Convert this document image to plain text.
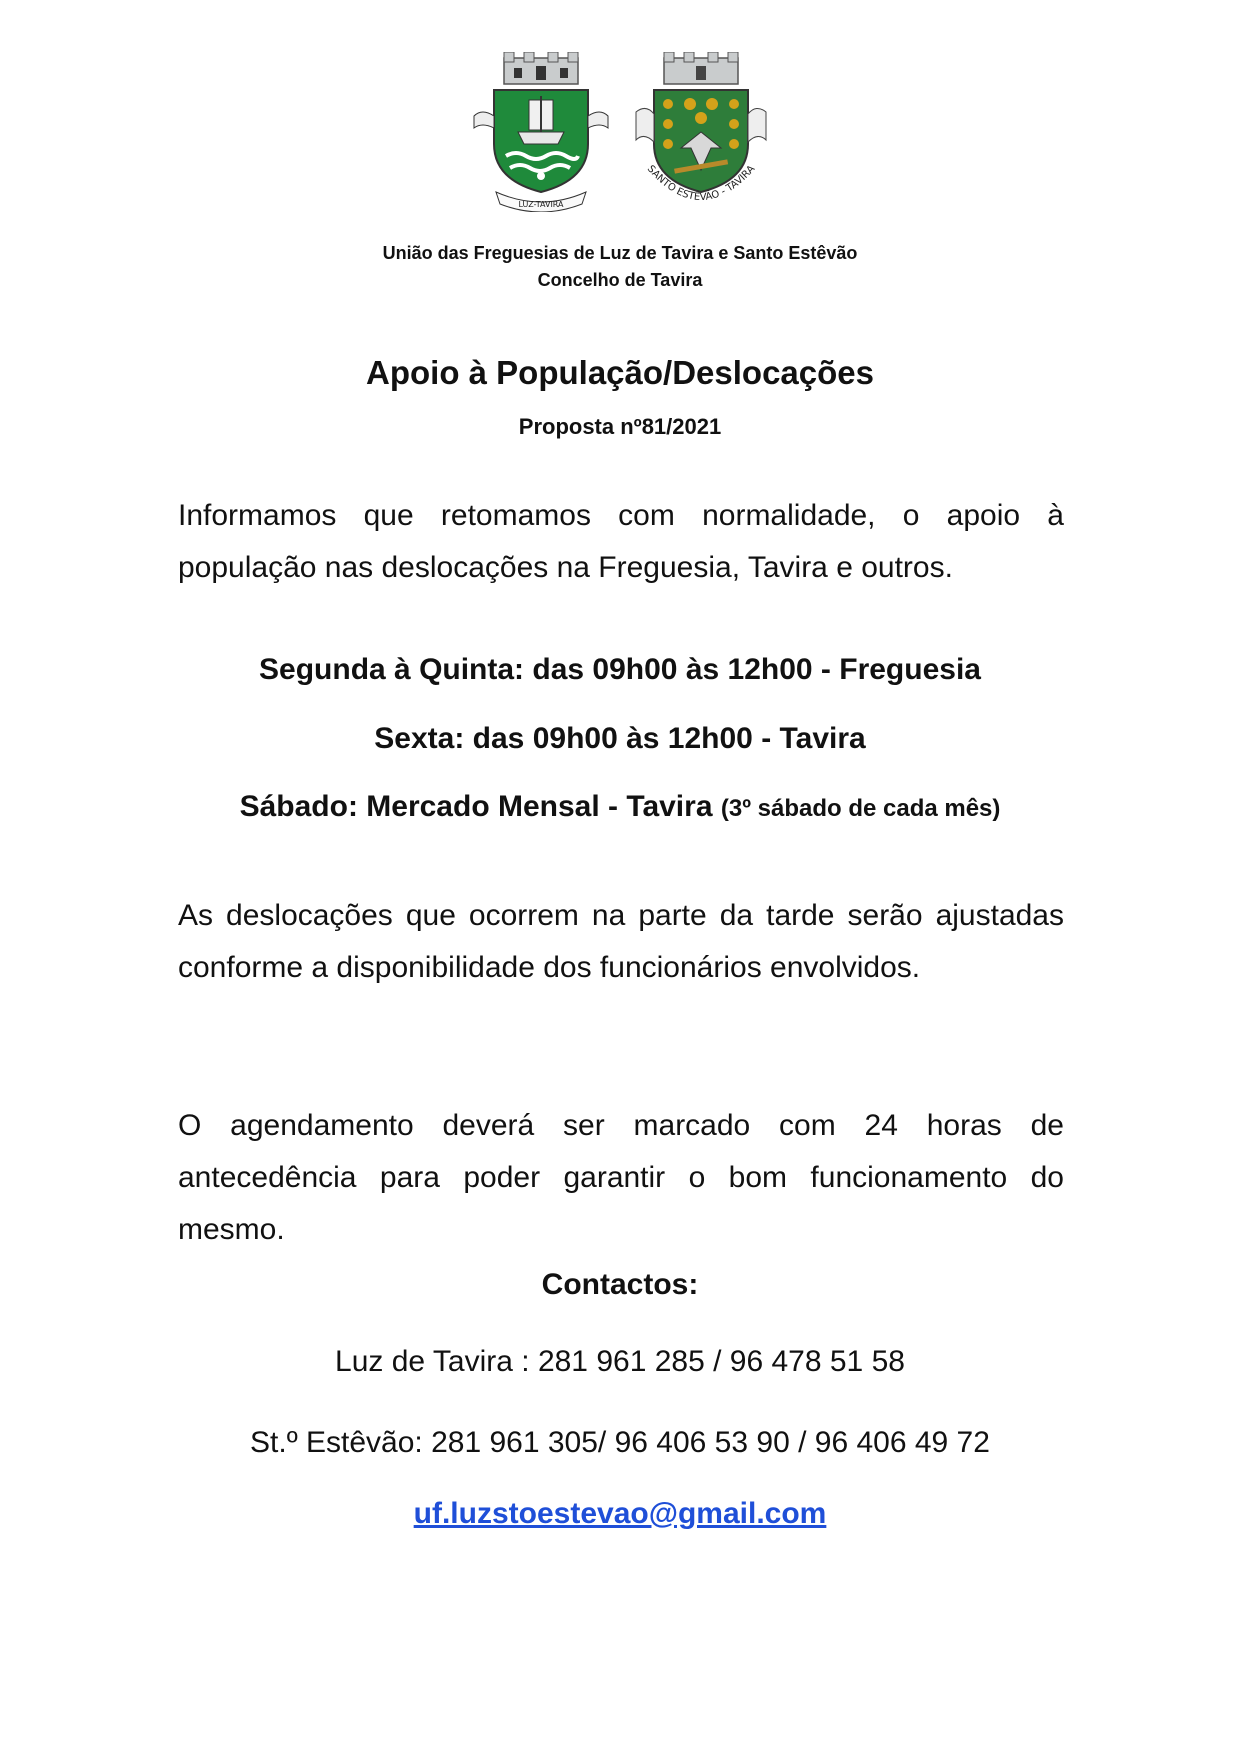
LUZ-TAVIRA
SANTO ESTÊVÃO - TAVIRA
União das Freguesias de Luz de Tavira e Santo Estêvão
Concelho de Tavira
Apoio à População/Deslocações
Proposta nº81/2021

Informamos que retomamos com normalidade, o apoio à população nas deslocações na Freguesia, Tavira e outros.

Segunda à Quinta: das 09h00 às 12h00 - Freguesia
Sexta: das 09h00 às 12h00 - Tavira
Sábado: Mercado Mensal - Tavira (3º sábado de cada mês)

As deslocações que ocorrem na parte da tarde serão ajustadas conforme a disponibilidade dos funcionários envolvidos.

O agendamento deverá ser marcado com 24 horas de antecedência para poder garantir o bom funcionamento do mesmo.

Contactos:
Luz de Tavira : 281 961 285 / 96 478 51 58
St.º Estêvão: 281 961 305/ 96 406 53 90 / 96 406 49 72
uf.luzstoestevao@gmail.com
